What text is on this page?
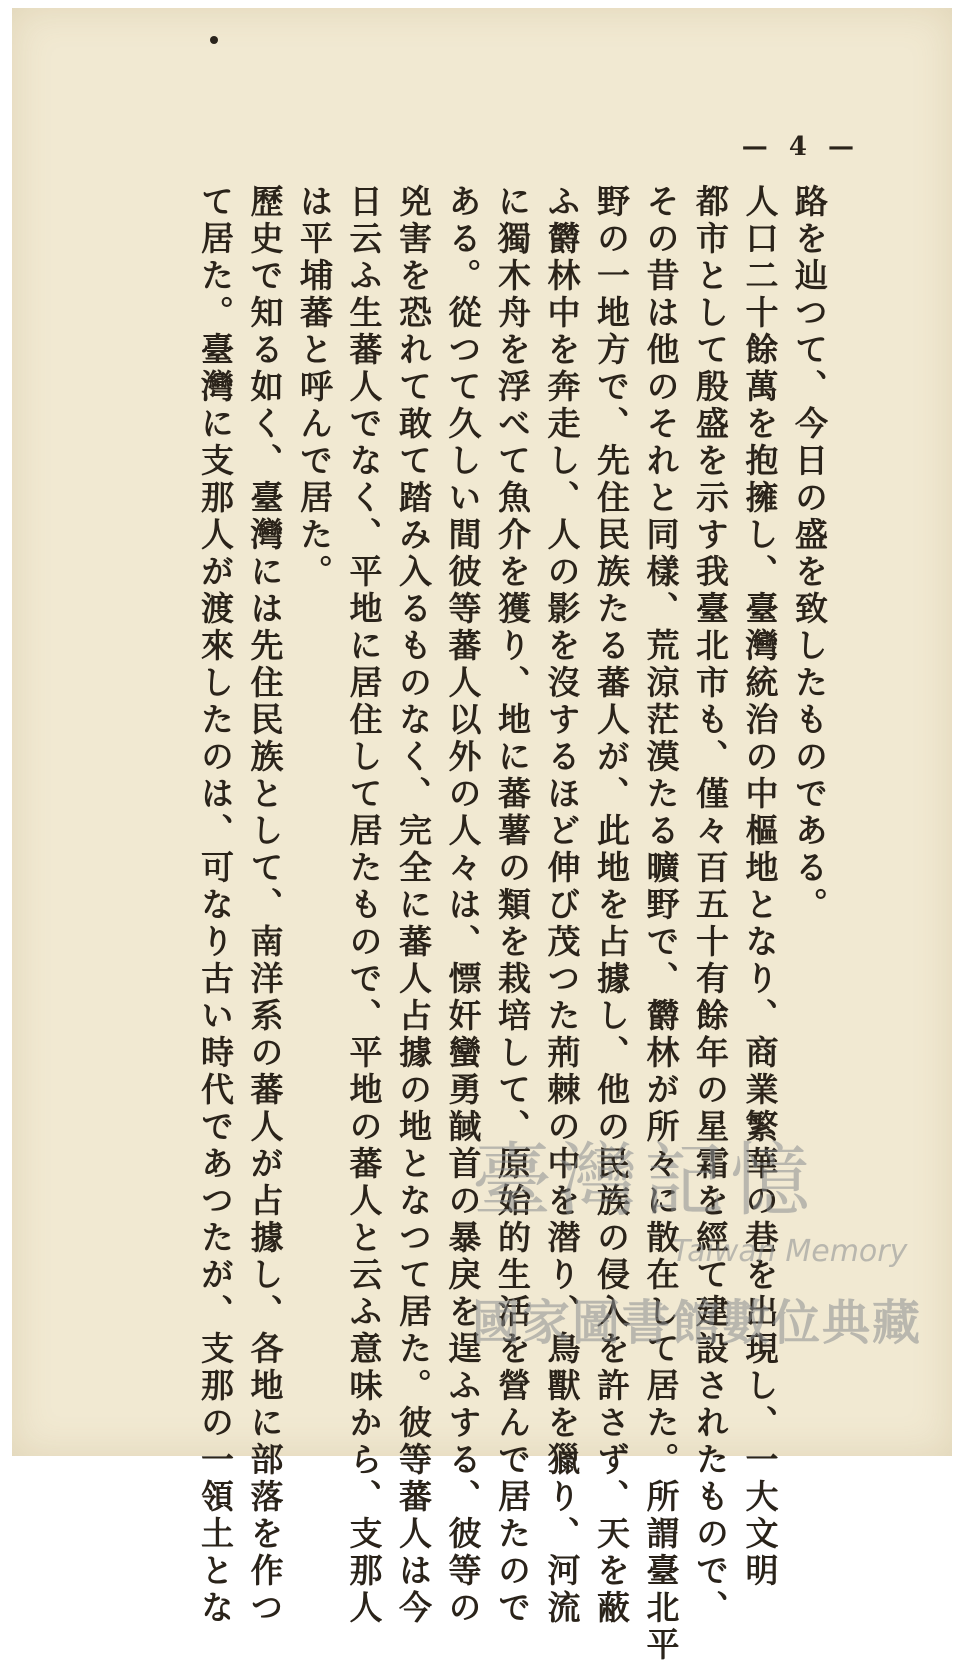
— 4 —
路を辿つて、今日の盛を致したものである。
人口二十餘萬を抱擁し、臺灣統治の中樞地となり、商業繁華の巷を出現し、一大文明
都市として殷盛を示す我臺北市も、僅々百五十有餘年の星霜を經て建設されたもので、
その昔は他のそれと同樣、荒涼茫漠たる曠野で、欝林が所々に散在して居た。所謂臺北平
野の一地方で、先住民族たる蕃人が、此地を占據し、他の民族の侵入を許さず、天を蔽
ふ欝林中を奔走し、人の影を沒するほど伸び茂つた荊棘の中を潜り、鳥獸を獵り、河流
に獨木舟を浮べて魚介を獲り、地に蕃薯の類を栽培して、原始的生活を營んで居たので
ある。從つて久しい間彼等蕃人以外の人々は、慓奸蠻勇馘首の暴戾を逞ふする、彼等の
兇害を恐れて敢て踏み入るものなく、完全に蕃人占據の地となつて居た。彼等蕃人は今
日云ふ生蕃人でなく、平地に居住して居たもので、平地の蕃人と云ふ意味から、支那人
は平埔蕃と呼んで居た。
歷史で知る如く、臺灣には先住民族として、南洋系の蕃人が占據し、各地に部落を作つ
て居た。臺灣に支那人が渡來したのは、可なり古い時代であつたが、支那の一領土とな	臺灣記憶
Taiwan Memory
國家圖書館數位典藏
